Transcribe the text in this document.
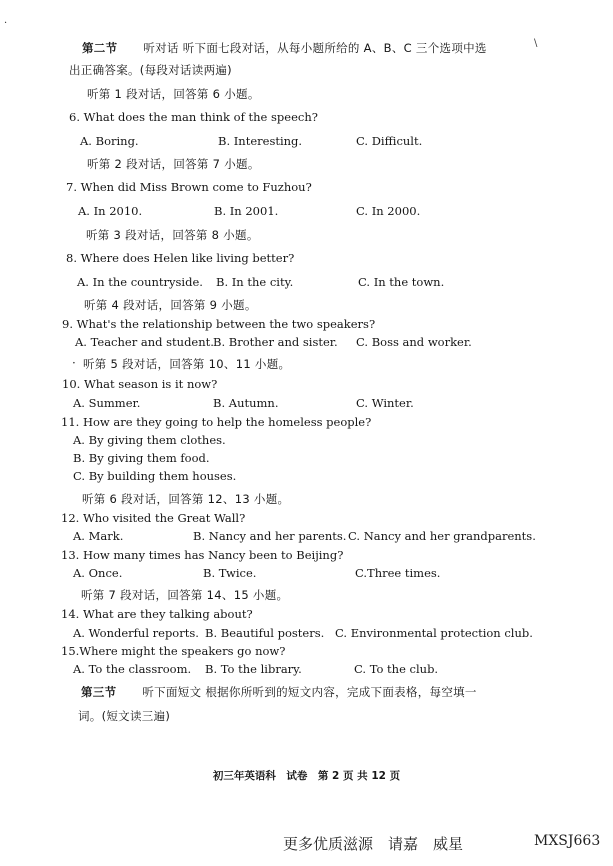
·
\
第二节 听对话 听下面七段对话，从每小题所给的 A、B、C 三个选项中选
出正确答案。(每段对话读两遍)
听第 1 段对话，回答第 6 小题。
6. What does the man think of the speech?
A. Boring.	B. Interesting.	C. Difficult.
听第 2 段对话，回答第 7 小题。
7. When did Miss Brown come to Fuzhou?
A. In 2010.	B. In 2001.	C. In 2000.
听第 3 段对话，回答第 8 小题。
8. Where does Helen like living better?
A. In the countryside. B. In the city.	C. In the town.
听第 4 段对话，回答第 9 小题。
9. What's the relationship between the two speakers?
A. Teacher and student. B. Brother and sister. C. Boss and worker.
· 听第 5 段对话，回答第 10、11 小题。
10. What season is it now?
A. Summer.	B. Autumn.	C. Winter.
11. How are they going to help the homeless people?
A. By giving them clothes.
B. By giving them food.
C. By building them houses.
听第 6 段对话，回答第 12、13 小题。
12. Who visited the Great Wall?
A. Mark.	B. Nancy and her parents. C. Nancy and her grandparents.
13. How many times has Nancy been to Beijing?
A. Once.	B. Twice.	C.Three times.
听第 7 段对话，回答第 14、15 小题。
14. What are they talking about?
A. Wonderful reports. B. Beautiful posters. C. Environmental protection club.
15.Where might the speakers go now?
A. To the classroom. B. To the library.	C. To the club.
第三节 听下面短文 根据你所听到的短文内容，完成下面表格，每空填一
词。(短文读三遍)
初三年英语科　试卷　第 2 页 共 12 页
更多优质滋源　请嘉　威星	MXSJ663
